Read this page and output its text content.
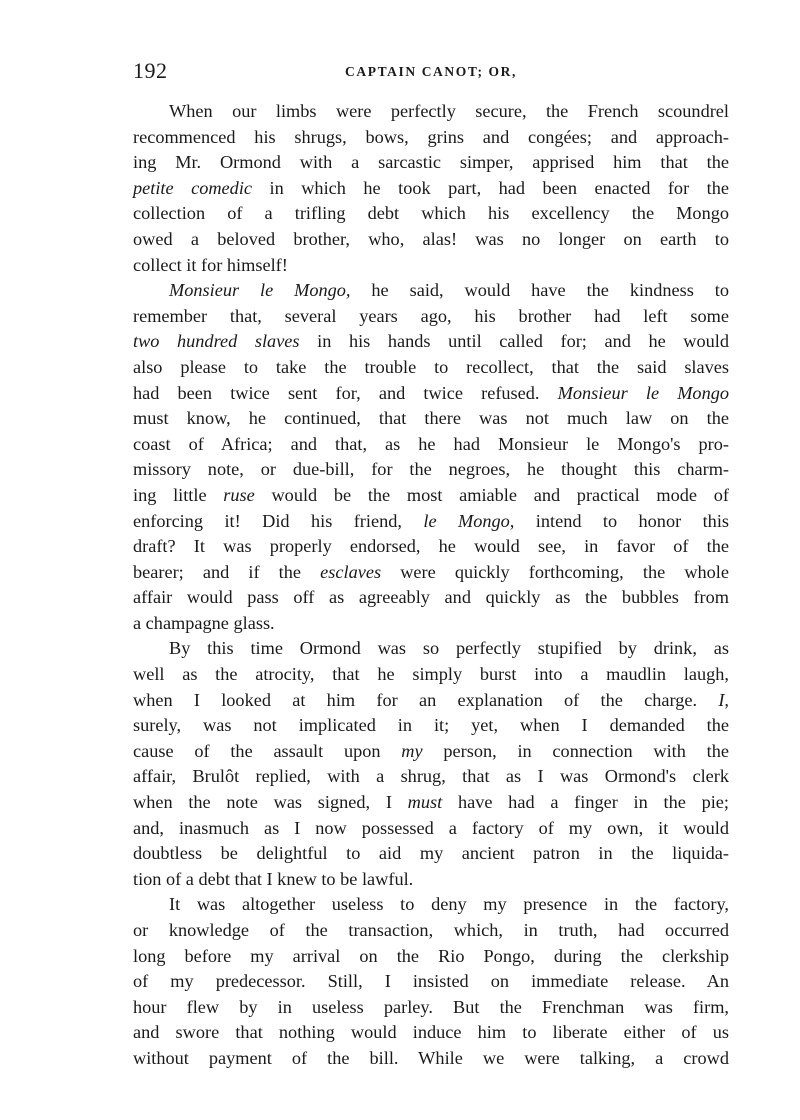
192	CAPTAIN CANOT; OR,
When our limbs were perfectly secure, the French scoundrel
recommenced his shrugs, bows, grins and congées; and approach-
ing Mr. Ormond with a sarcastic simper, apprised him that the
petite comedic in which he took part, had been enacted for the
collection of a trifling debt which his excellency the Mongo
owed a beloved brother, who, alas! was no longer on earth to
collect it for himself!
Monsieur le Mongo, he said, would have the kindness to
remember that, several years ago, his brother had left some
two hundred slaves in his hands until called for; and he would
also please to take the trouble to recollect, that the said slaves
had been twice sent for, and twice refused. Monsieur le Mongo
must know, he continued, that there was not much law on the
coast of Africa; and that, as he had Monsieur le Mongo's pro-
missory note, or due-bill, for the negroes, he thought this charm-
ing little ruse would be the most amiable and practical mode of
enforcing it! Did his friend, le Mongo, intend to honor this
draft? It was properly endorsed, he would see, in favor of the
bearer; and if the esclaves were quickly forthcoming, the whole
affair would pass off as agreeably and quickly as the bubbles from
a champagne glass.
By this time Ormond was so perfectly stupified by drink, as
well as the atrocity, that he simply burst into a maudlin laugh,
when I looked at him for an explanation of the charge. I,
surely, was not implicated in it; yet, when I demanded the
cause of the assault upon my person, in connection with the
affair, Brulôt replied, with a shrug, that as I was Ormond's clerk
when the note was signed, I must have had a finger in the pie;
and, inasmuch as I now possessed a factory of my own, it would
doubtless be delightful to aid my ancient patron in the liquida-
tion of a debt that I knew to be lawful.
It was altogether useless to deny my presence in the factory,
or knowledge of the transaction, which, in truth, had occurred
long before my arrival on the Rio Pongo, during the clerkship
of my predecessor. Still, I insisted on immediate release. An
hour flew by in useless parley. But the Frenchman was firm,
and swore that nothing would induce him to liberate either of us
without payment of the bill. While we were talking, a crowd
